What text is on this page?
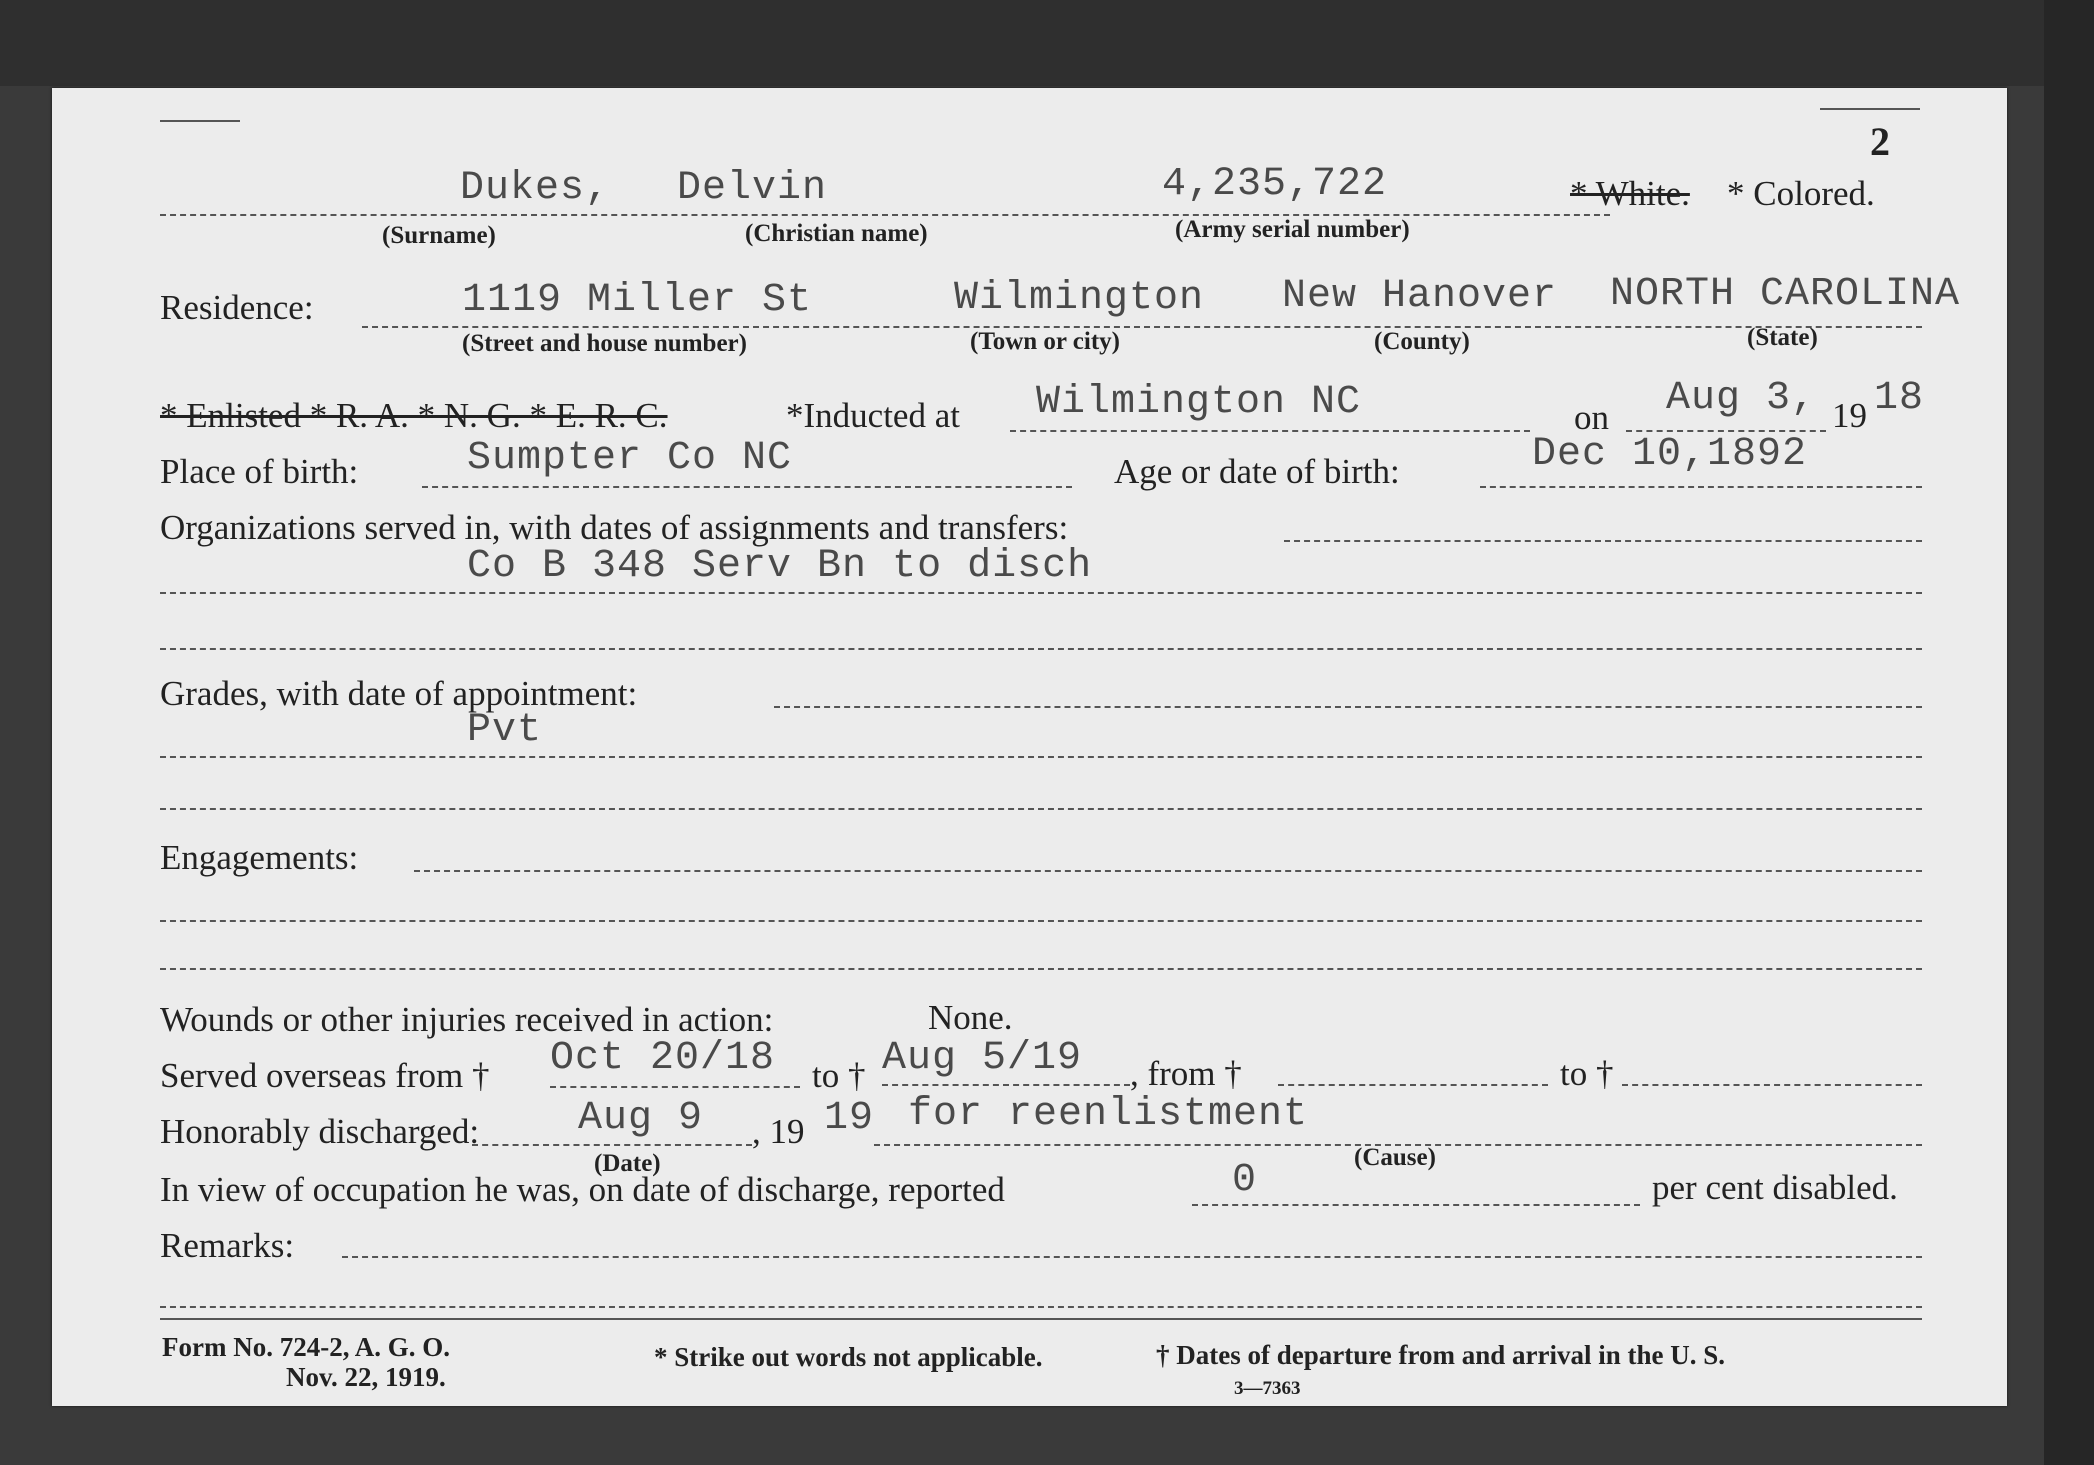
2
Dukes, Delvin	4,235,722	* White. * Colored.
(Surname)	(Christian name)	(Army serial number)
Residence:	1119 Miller St	Wilmington New Hanover NORTH CAROLINA
(Street and house number)	(Town or city)	(County)	(State)
* Enlisted * R. A. * N. G. * E. R. C.	*Inducted at Wilmington NC	on Aug 3, 19 18
Place of birth:	Sumpter Co NC	Age or date of birth:	Dec 10,1892
Organizations served in, with dates of assignments and transfers:
Co B 348 Serv Bn to disch
Grades, with date of appointment:
Pvt
Engagements:
Wounds or other injuries received in action:	None.
Served overseas from † Oct 20/18 to † Aug 5/19 , from †	to †
Honorably discharged: Aug 9 , 19 19 for reenlistment
(Date)	(Cause)
In view of occupation he was, on date of discharge, reported	0	per cent disabled.
Remarks:
Form No. 724-2, A. G. O.
Nov. 22, 1919.
* Strike out words not applicable.	† Dates of departure from and arrival in the U. S.
3—7363
